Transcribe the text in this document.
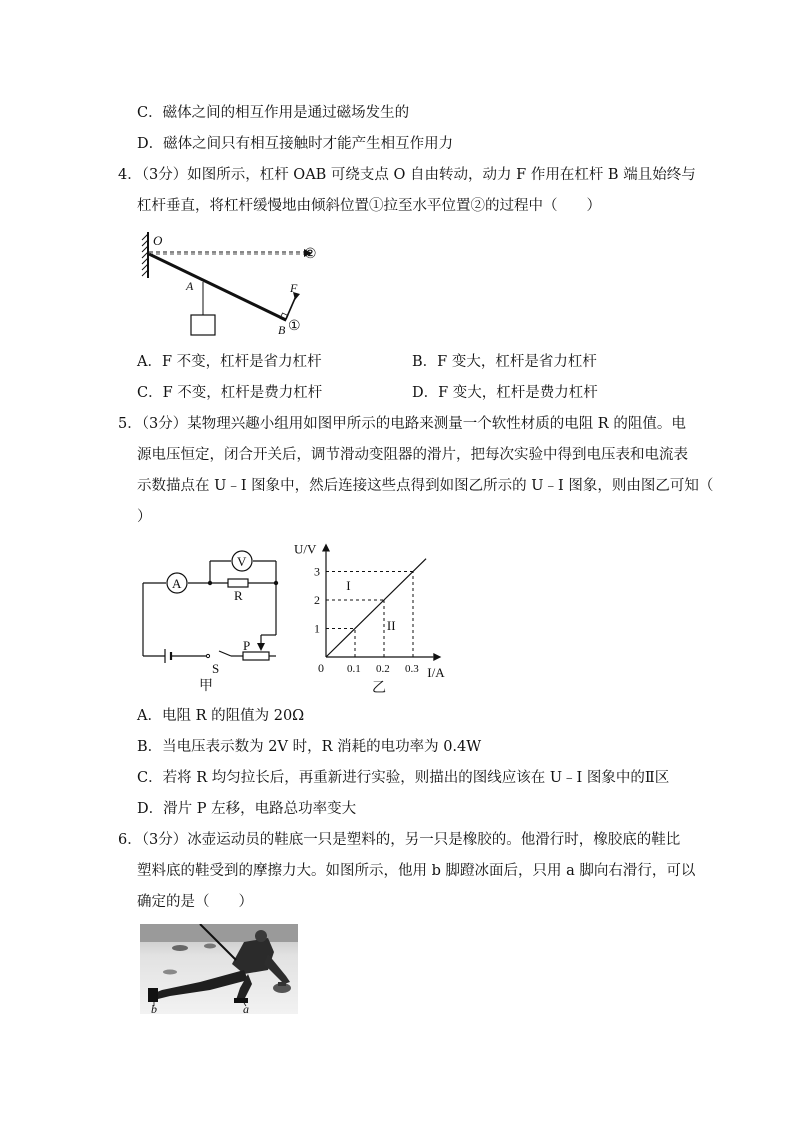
C．磁体之间的相互作用是通过磁场发生的
D．磁体之间只有相互接触时才能产生相互作用力
4．（3分）如图所示，杠杆 OAB 可绕支点 O 自由转动，动力 F 作用在杠杆 B 端且始终与
杠杆垂直，将杠杆缓慢地由倾斜位置①拉至水平位置②的过程中（　　）
O
②
A	F
B ①
A．F 不变，杠杆是省力杠杆	B．F 变大，杠杆是省力杠杆
C．F 不变，杠杆是费力杠杆	D．F 变大，杠杆是费力杠杆
5．（3分）某物理兴趣小组用如图甲所示的电路来测量一个软性材质的电阻 R 的阻值。电
源电压恒定，闭合开关后，调节滑动变阻器的滑片，把每次实验中得到电压表和电流表
示数描点在 U﹣I 图象中，然后连接这些点得到如图乙所示的 U﹣I 图象，则由图乙可知（
）
A
V
R
S
P
甲
U/V
I/A
0 0.1 0.2 0.3
1
2
3
I
II
乙
A．电阻 R 的阻值为 20Ω
B．当电压表示数为 2V 时，R 消耗的电功率为 0.4W
C．若将 R 均匀拉长后，再重新进行实验，则描出的图线应该在 U﹣I 图象中的Ⅱ区
D．滑片 P 左移，电路总功率变大
6．（3分）冰壶运动员的鞋底一只是塑料的，另一只是橡胶的。他滑行时，橡胶底的鞋比
塑料底的鞋受到的摩擦力大。如图所示，他用 b 脚蹬冰面后，只用 a 脚向右滑行，可以
确定的是（　　）
b	a
